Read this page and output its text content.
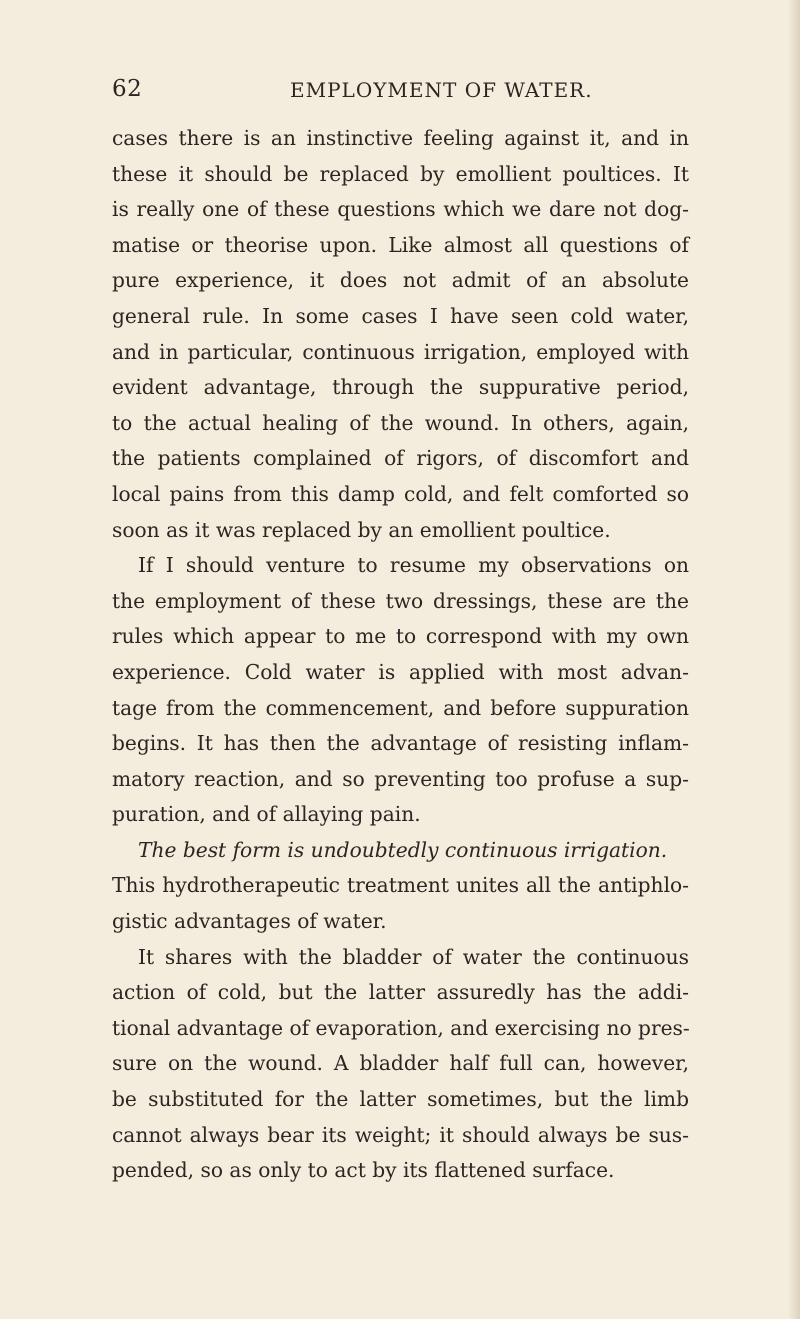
62	EMPLOYMENT OF WATER.
cases there is an instinctive feeling against it, and in
these it should be replaced by emollient poultices. It
is really one of these questions which we dare not dog-
matise or theorise upon. Like almost all questions of
pure experience, it does not admit of an absolute
general rule. In some cases I have seen cold water,
and in particular, continuous irrigation, employed with
evident advantage, through the suppurative period,
to the actual healing of the wound. In others, again,
the patients complained of rigors, of discomfort and
local pains from this damp cold, and felt comforted so
soon as it was replaced by an emollient poultice.
If I should venture to resume my observations on
the employment of these two dressings, these are the
rules which appear to me to correspond with my own
experience. Cold water is applied with most advan-
tage from the commencement, and before suppuration
begins. It has then the advantage of resisting inflam-
matory reaction, and so preventing too profuse a sup-
puration, and of allaying pain.
The best form is undoubtedly continuous irrigation.
This hydrotherapeutic treatment unites all the antiphlo-
gistic advantages of water.
It shares with the bladder of water the continuous
action of cold, but the latter assuredly has the addi-
tional advantage of evaporation, and exercising no pres-
sure on the wound. A bladder half full can, however,
be substituted for the latter sometimes, but the limb
cannot always bear its weight; it should always be sus-
pended, so as only to act by its flattened surface.
